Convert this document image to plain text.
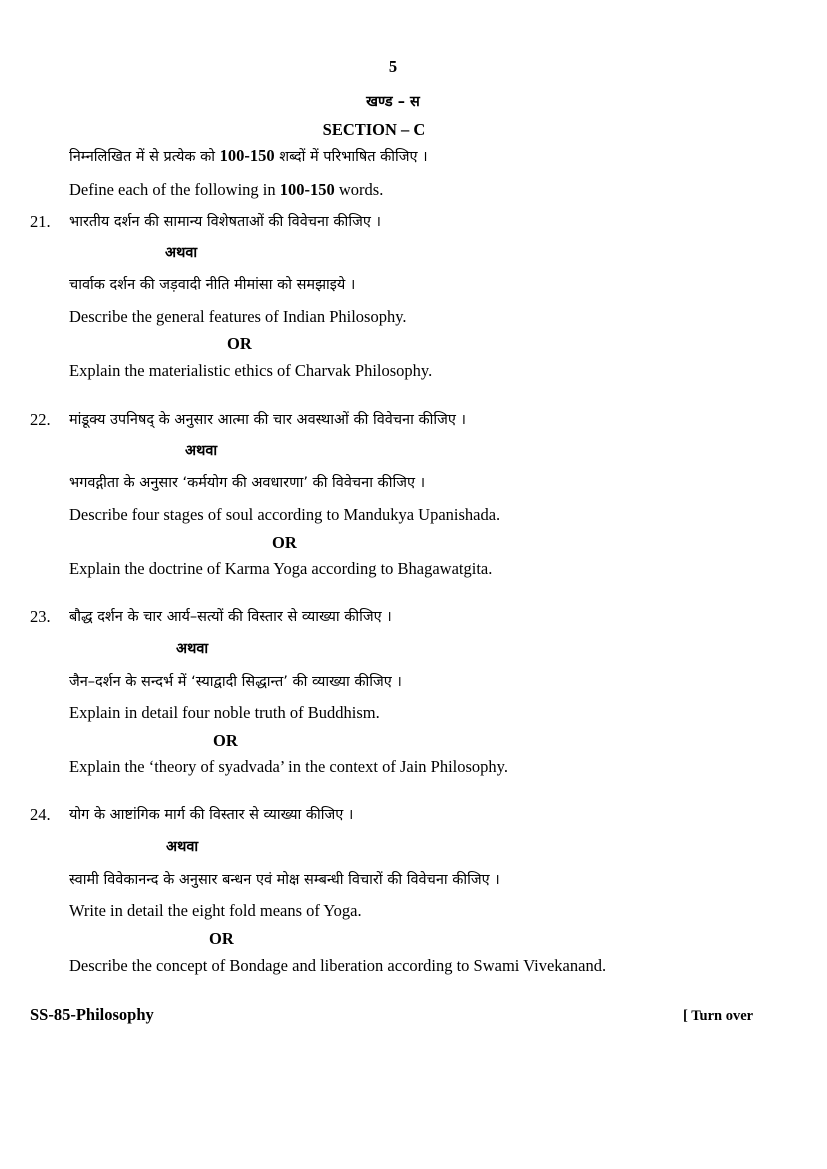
5
खण्ड – स
SECTION – C
निम्नलिखित में से प्रत्येक को 100-150 शब्दों में परिभाषित कीजिए ।
Define each of the following in 100-150 words.
21. भारतीय दर्शन की सामान्य विशेषताओं की विवेचना कीजिए ।
अथवा
चार्वाक दर्शन की जड़वादी नीति मीमांसा को समझाइये ।
Describe the general features of Indian Philosophy.
OR
Explain the materialistic ethics of Charvak Philosophy.
22. मांडूक्य उपनिषद् के अनुसार आत्मा की चार अवस्थाओं की विवेचना कीजिए ।
अथवा
भगवद्गीता के अनुसार ‘कर्मयोग की अवधारणा’ की विवेचना कीजिए ।
Describe four stages of soul according to Mandukya Upanishada.
OR
Explain the doctrine of Karma Yoga according to Bhagawatgita.
23. बौद्ध दर्शन के चार आर्य–सत्यों की विस्तार से व्याख्या कीजिए ।
अथवा
जैन–दर्शन के सन्दर्भ में ‘स्याद्वादी सिद्धान्त’ की व्याख्या कीजिए ।
Explain in detail four noble truth of Buddhism.
OR
Explain the ‘theory of syadvada’ in the context of Jain Philosophy.
24. योग के आष्टांगिक मार्ग की विस्तार से व्याख्या कीजिए ।
अथवा
स्वामी विवेकानन्द के अनुसार बन्धन एवं मोक्ष सम्बन्धी विचारों की विवेचना कीजिए ।
Write in detail the eight fold means of Yoga.
OR
Describe the concept of Bondage and liberation according to Swami Vivekanand.
SS-85-Philosophy	[ Turn over
